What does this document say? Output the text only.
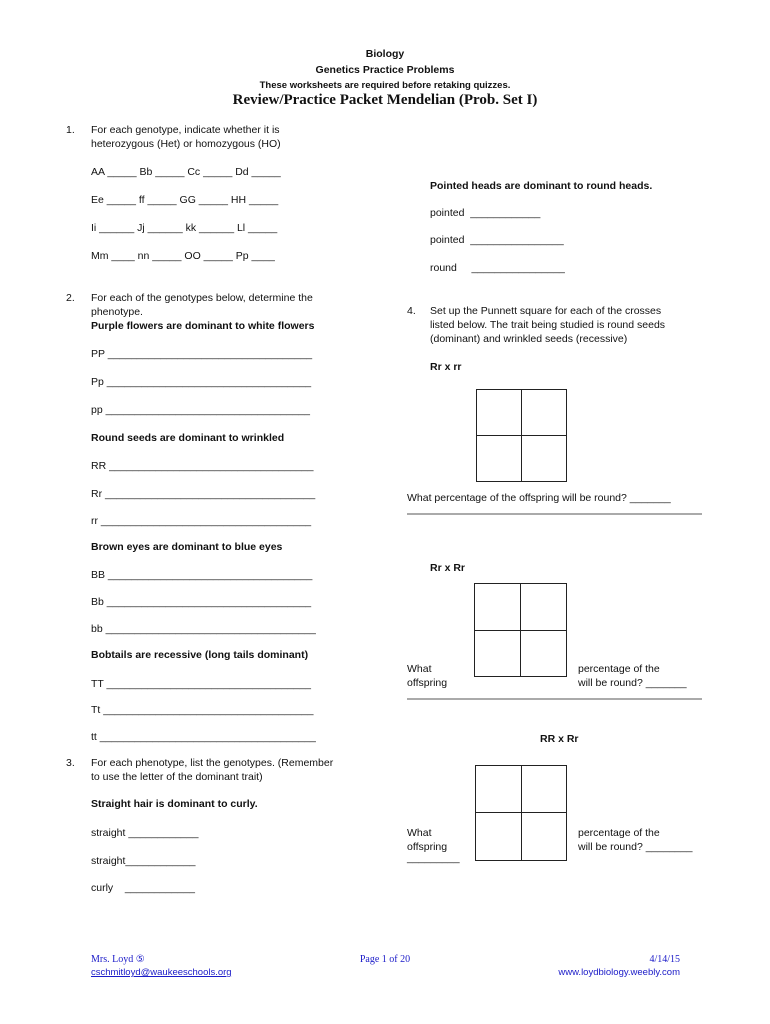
Biology
Genetics Practice Problems
These worksheets are required before retaking quizzes.
Review/Practice Packet Mendelian (Prob. Set I)
1. For each genotype, indicate whether it is
heterozygous (Het) or homozygous (HO)
AA _____ Bb _____ Cc _____ Dd _____
Ee _____ ff _____ GG _____ HH _____
Ii ______ Jj ______ kk ______ Ll _____
Mm ____ nn _____ OO _____ Pp ____
2. For each of the genotypes below, determine the
phenotype.
Purple flowers are dominant to white flowers
PP ___________________________________
Pp ___________________________________
pp ___________________________________
Round seeds are dominant to wrinkled
RR ___________________________________
Rr ____________________________________
rr ____________________________________
Brown eyes are dominant to blue eyes
BB ___________________________________
Bb ___________________________________
bb ____________________________________
Bobtails are recessive (long tails dominant)
TT ___________________________________
Tt ____________________________________
tt _____________________________________
3. For each phenotype, list the genotypes. (Remember
to use the letter of the dominant trait)
Straight hair is dominant to curly.
straight ____________
straight____________
curly    ____________
Pointed heads are dominant to round heads.
pointed  ____________
pointed  ________________
round     ________________
4. Set up the Punnett square for each of the crosses
listed below. The trait being studied is round seeds
(dominant) and wrinkled seeds (recessive)
Rr x rr
What percentage of the offspring will be round? _______
Rr x Rr
What
offspring
percentage of the
will be round? _______
RR x Rr
What
offspring
_________
percentage of the
will be round? ________
Mrs. Loyd ⑤
cschmitloyd@waukeeschools.org
Page 1 of 20	4/14/15
www.loydbiology.weebly.com
